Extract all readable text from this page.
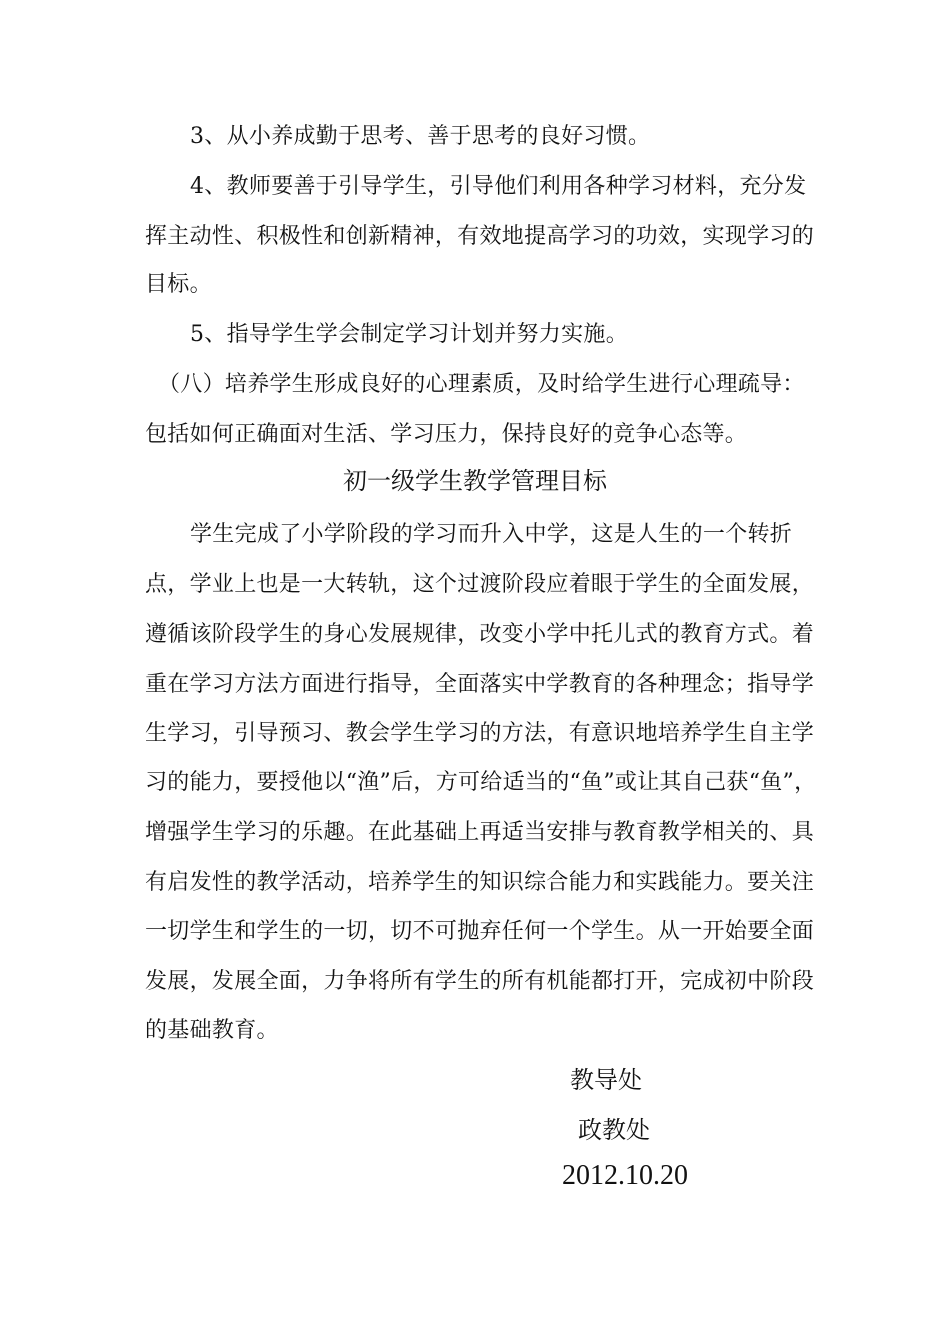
3、从小养成勤于思考、善于思考的良好习惯。
4、教师要善于引导学生，引导他们利用各种学习材料，充分发
挥主动性、积极性和创新精神，有效地提高学习的功效，实现学习的
目标。
5、指导学生学会制定学习计划并努力实施。
（八）培养学生形成良好的心理素质，及时给学生进行心理疏导：
包括如何正确面对生活、学习压力，保持良好的竞争心态等。
初一级学生教学管理目标
学生完成了小学阶段的学习而升入中学，这是人生的一个转折
点，学业上也是一大转轨，这个过渡阶段应着眼于学生的全面发展，
遵循该阶段学生的身心发展规律，改变小学中托儿式的教育方式。着
重在学习方法方面进行指导，全面落实中学教育的各种理念；指导学
生学习，引导预习、教会学生学习的方法，有意识地培养学生自主学
习的能力，要授他以“渔”后，方可给适当的“鱼”或让其自己获“鱼”，
增强学生学习的乐趣。在此基础上再适当安排与教育教学相关的、具
有启发性的教学活动，培养学生的知识综合能力和实践能力。要关注
一切学生和学生的一切，切不可抛弃任何一个学生。从一开始要全面
发展，发展全面，力争将所有学生的所有机能都打开，完成初中阶段
的基础教育。
教导处
政教处
2012.10.20
